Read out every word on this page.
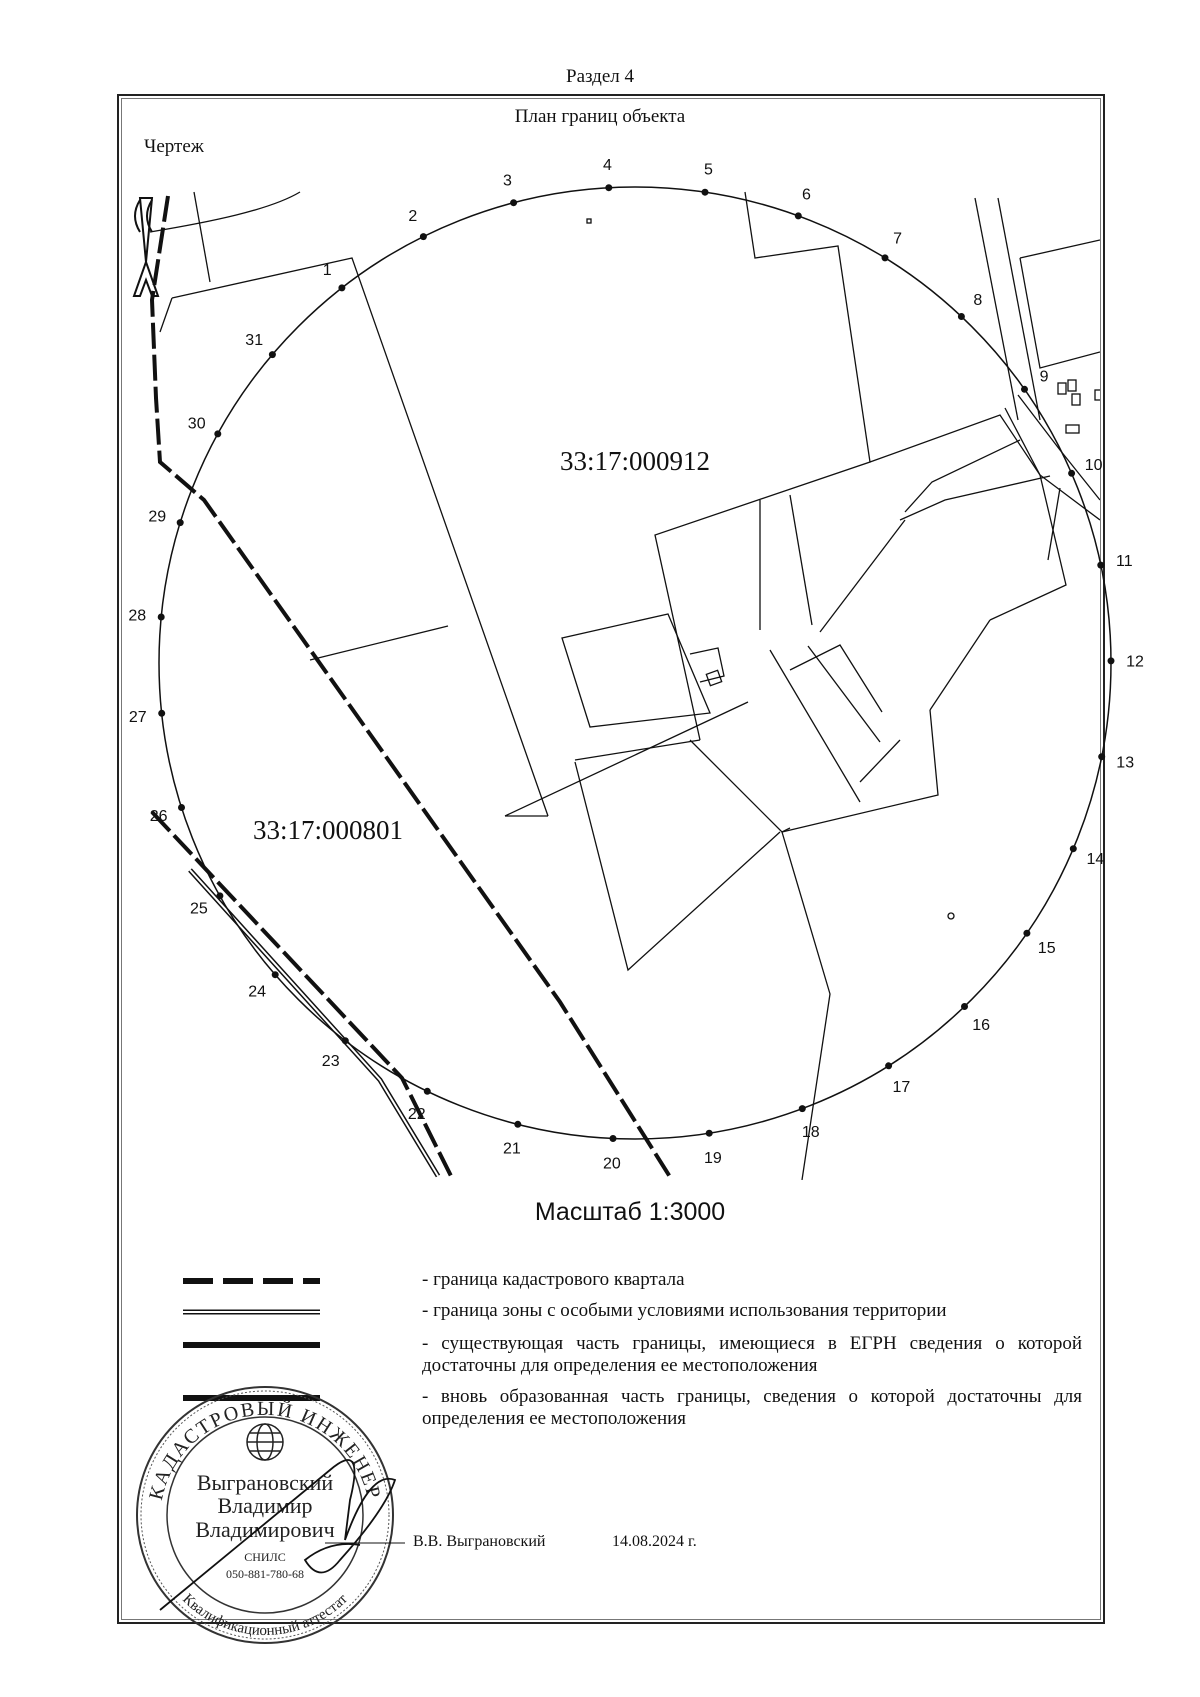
Раздел 4
План границ объекта
Чертеж
1
2
3
4	5
6
7
8
9
10
11
12
13
14
15
16
17
18
19
20
21
22
23
24
25
26
27
28
29
30
31
33:17:000912
33:17:000801
Масштаб 1:3000
- граница кадастрового квартала
- граница зоны с особыми условиями использования территории
- существующая часть границы, имеющиеся в ЕГРН сведения о которой достаточны для определения ее местоположения
- вновь образованная часть границы, сведения о которой достаточны для определения ее местоположения
КАДАСТРОВЫЙ ИНЖЕНЕР
Квалификационный аттестат
Выграновский
Владимир
Владимирович
СНИЛС
050-881-780-68
В.В. Выграновский	14.08.2024 г.
